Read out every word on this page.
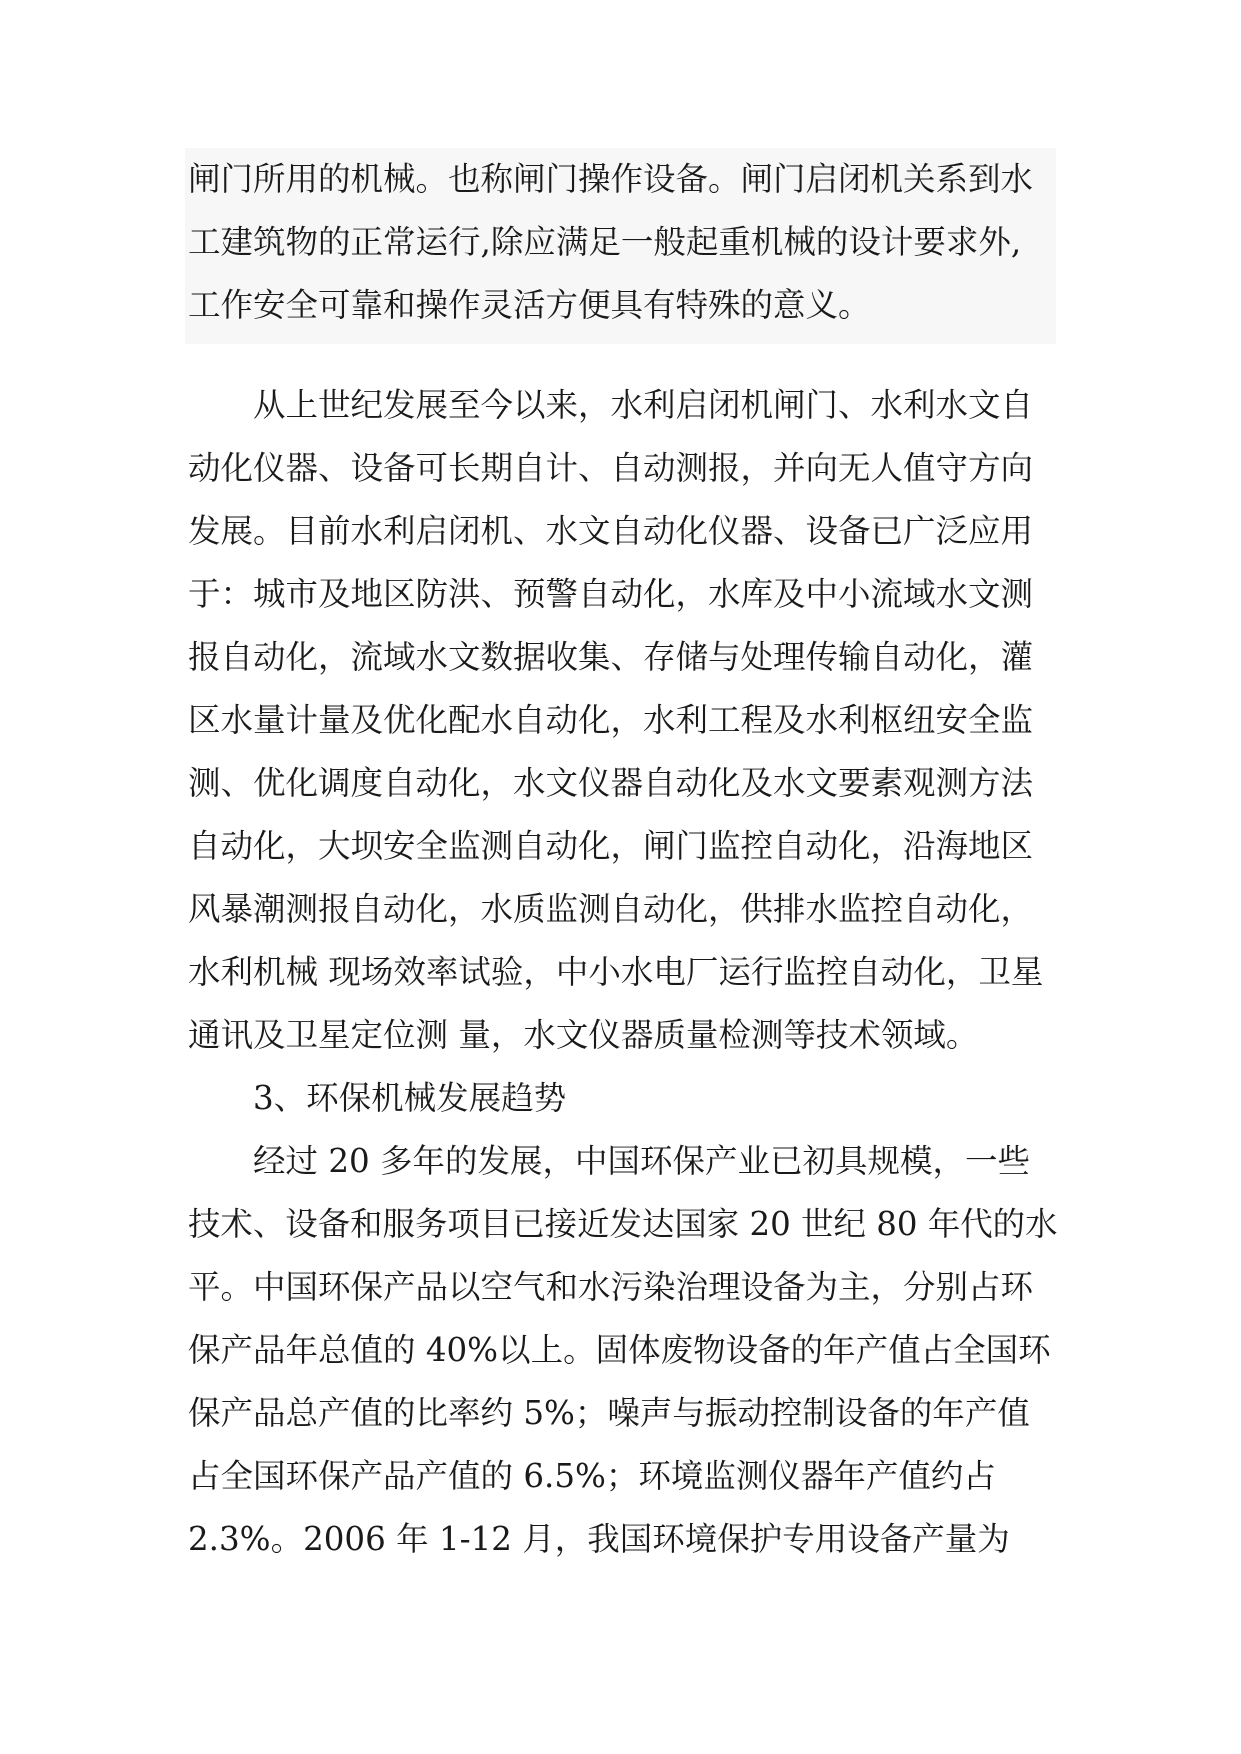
闸门所用的机械。也称闸门操作设备。闸门启闭机关系到水
工建筑物的正常运行,除应满足一般起重机械的设计要求外,
工作安全可靠和操作灵活方便具有特殊的意义。
从上世纪发展至今以来，水利启闭机闸门、水利水文自
动化仪器、设备可长期自计、自动测报，并向无人值守方向
发展。目前水利启闭机、水文自动化仪器、设备已广泛应用
于：城市及地区防洪、预警自动化，水库及中小流域水文测
报自动化，流域水文数据收集、存储与处理传输自动化，灌
区水量计量及优化配水自动化，水利工程及水利枢纽安全监
测、优化调度自动化，水文仪器自动化及水文要素观测方法
自动化，大坝安全监测自动化，闸门监控自动化，沿海地区
风暴潮测报自动化，水质监测自动化，供排水监控自动化，
水利机械 现场效率试验，中小水电厂运行监控自动化，卫星
通讯及卫星定位测 量，水文仪器质量检测等技术领域。
3、环保机械发展趋势
经过 20 多年的发展，中国环保产业已初具规模，一些
技术、设备和服务项目已接近发达国家 20 世纪 80 年代的水
平。中国环保产品以空气和水污染治理设备为主，分别占环
保产品年总值的 40%以上。固体废物设备的年产值占全国环
保产品总产值的比率约 5%；噪声与振动控制设备的年产值
占全国环保产品产值的 6.5%；环境监测仪器年产值约占
2.3%。2006 年 1-12 月，我国环境保护专用设备产量为
